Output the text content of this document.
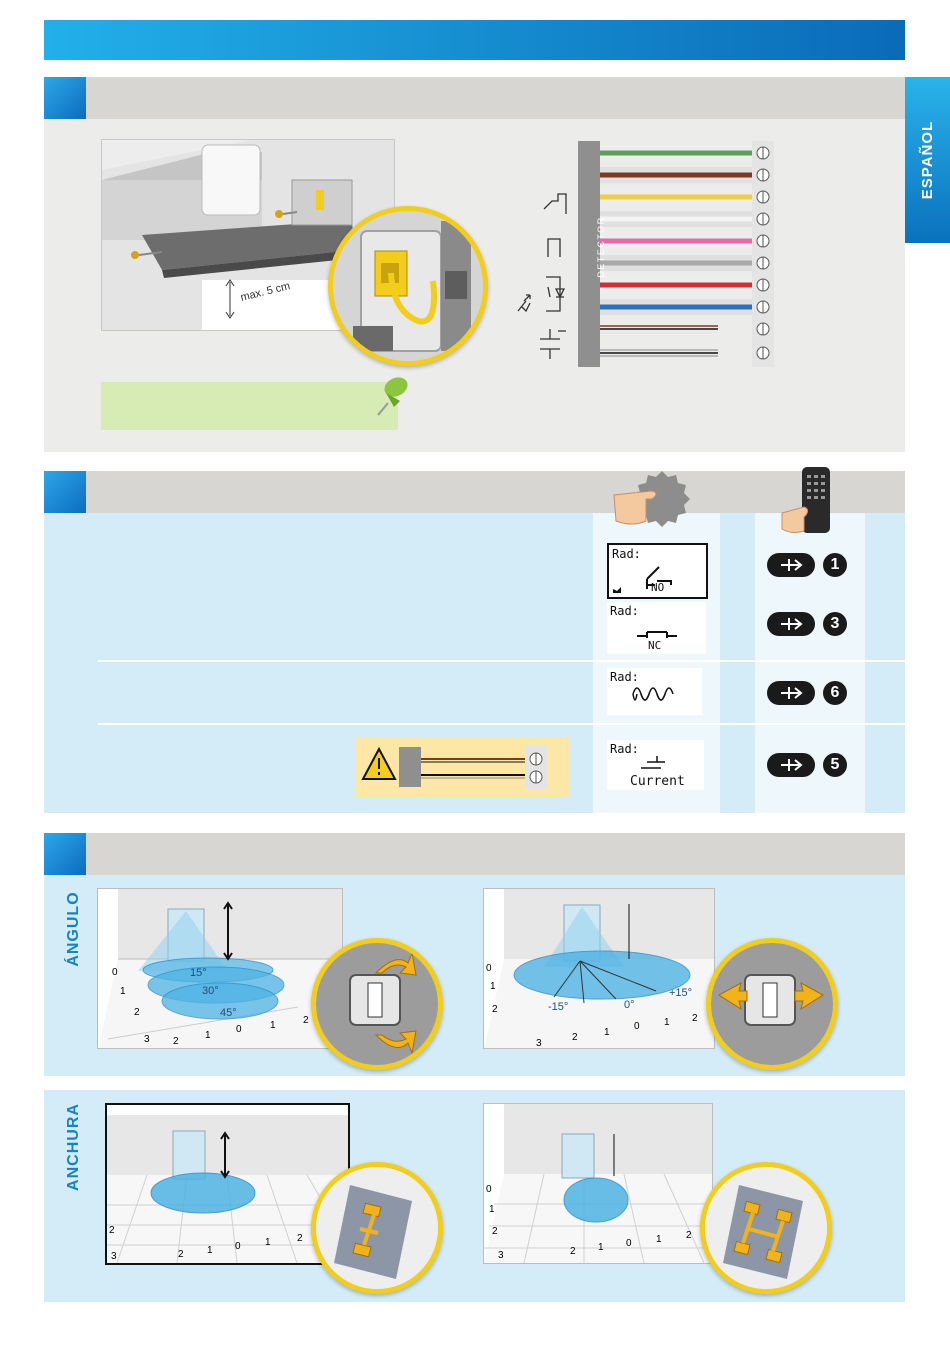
ESPAÑOL
max. 5 cm
DETECTOR
Rad:
NO
Rad:
NC
Rad:
Rad:
Current
1
3
6
5
ÁNGULO
ANCHURA
15°
30°
45°
0
1
2
3 2
1
0	1	2
-15°	0°
+15°
0
1
2
3
2	1
0 1 2
2
3	2 1 0 1	2
0
1
2
3	2 1 0 1 2
